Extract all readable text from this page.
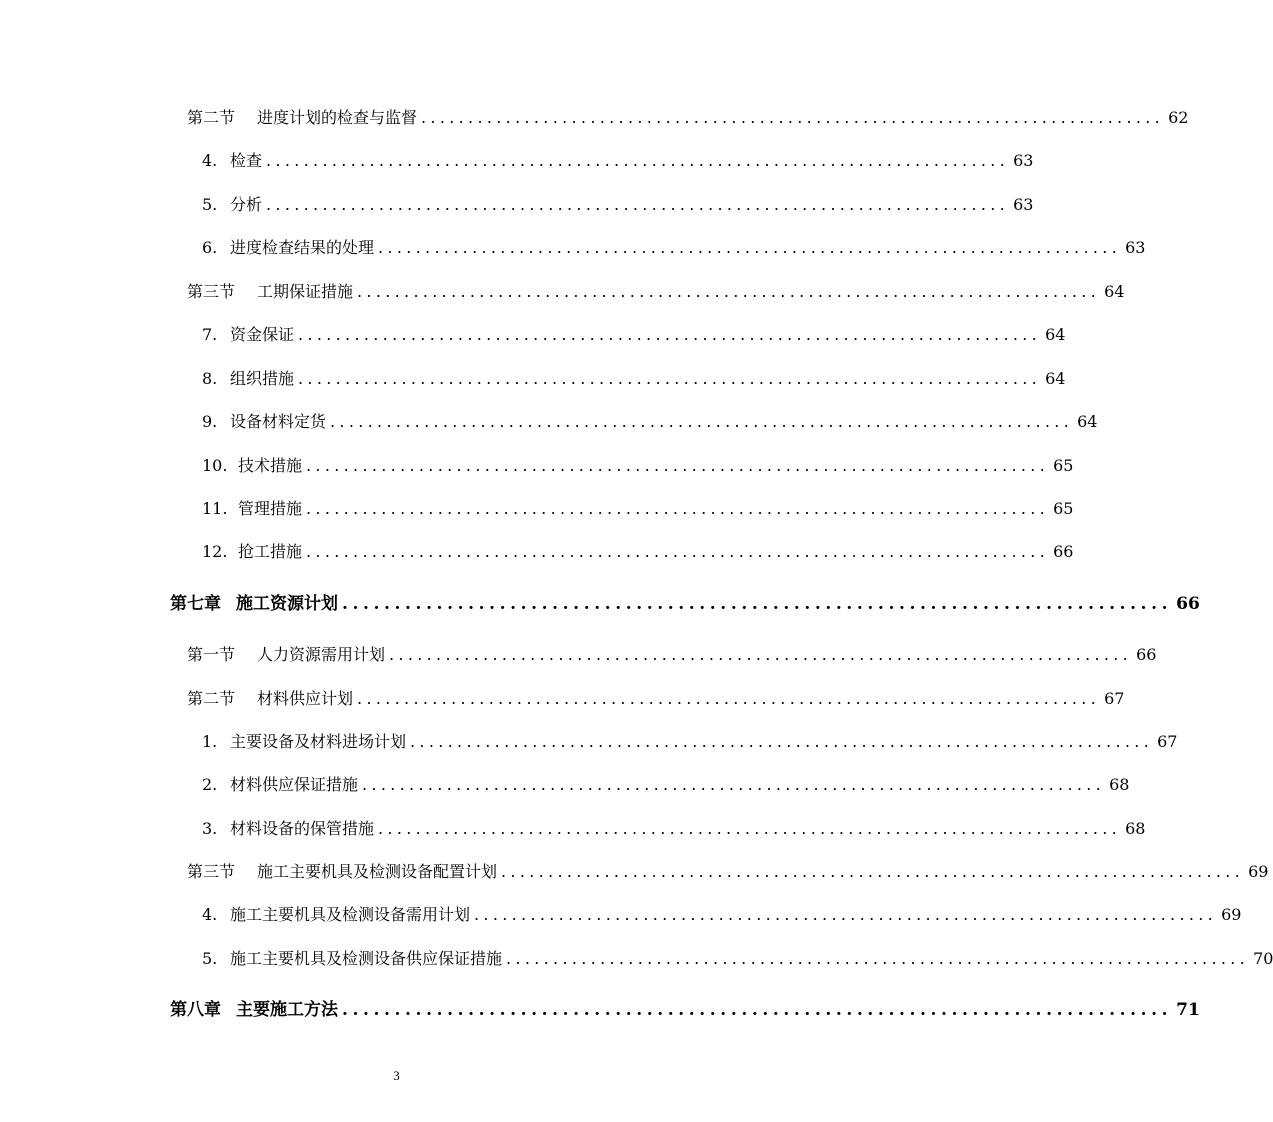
第二节	进度计划的检查与监督 ............................................................................... 62
4. 检查 ............................................................................... 63
5. 分析 ............................................................................... 63
6. 进度检查结果的处理 ............................................................................... 63
第三节	工期保证措施 ............................................................................... 64
7. 资金保证 ............................................................................... 64
8. 组织措施 ............................................................................... 64
9. 设备材料定货 ............................................................................... 64
10. 技术措施 ............................................................................... 65
11. 管理措施 ............................................................................... 65
12. 抢工措施 ............................................................................... 66
第七章 施工资源计划 ............................................................................... 66
第一节	人力资源需用计划 ............................................................................... 66
第二节	材料供应计划 ............................................................................... 67
1. 主要设备及材料进场计划 ............................................................................... 67
2. 材料供应保证措施 ............................................................................... 68
3. 材料设备的保管措施 ............................................................................... 68
第三节	施工主要机具及检测设备配置计划 ............................................................................... 69
4. 施工主要机具及检测设备需用计划 ............................................................................... 69
5. 施工主要机具及检测设备供应保证措施 ............................................................................... 70
第八章 主要施工方法 ............................................................................... 71
3
